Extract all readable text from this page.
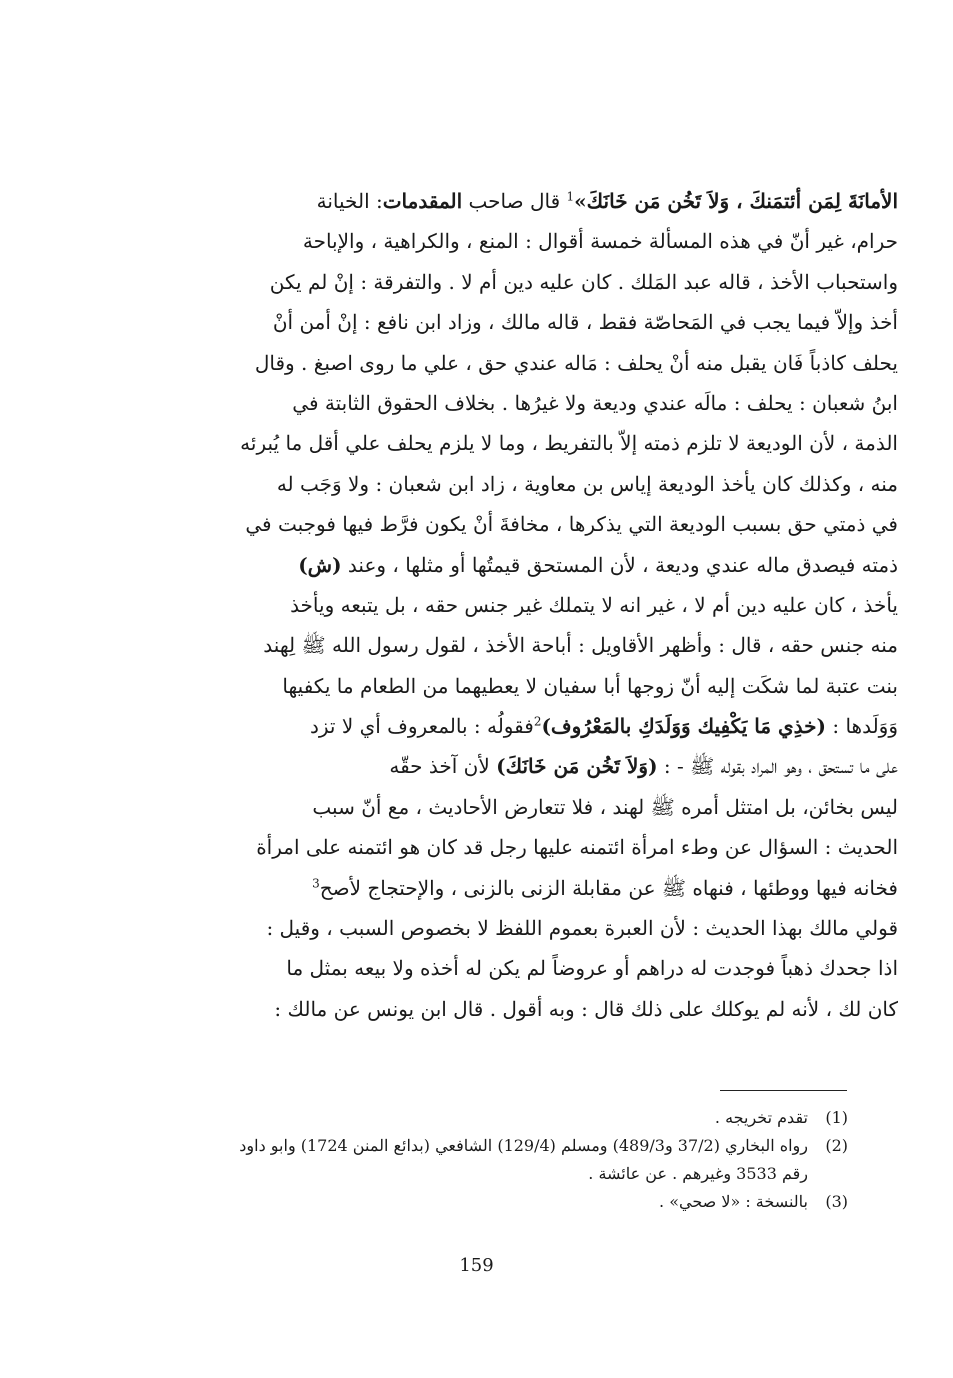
الأمانَةَ لِمَن أئتمَنكَ ، وَلاَ تَخُن مَن خَانَكَ»$^1$ قال صاحب المقدمات: الخيانة
حرام، غير أنّ في هذه المسألة خمسة أقوال : المنع ، والكراهية ، والإباحة
واستحباب الأخذ ، قاله عبد المَلك . كان عليه دين أم لا . والتفرقة : إنْ لم يكن
أخذ وإلاّ فيما يجب في المَحاصّة فقط ، قاله مالك ، وزاد ابن نافع : إنْ أمن أنْ
يحلف كاذباً فَان يقبل منه أنْ يحلف : مَاله عندي حق ، علي ما روى اصبغ . وقال
ابنُ شعبان : يحلف : مالَه عندي وديعة ولا غيرُها . بخلاف الحقوق الثابتة في
الذمة ، لأن الوديعة لا تلزم ذمته إلاّ بالتفريط ، وما لا يلزم يحلف علي أقل ما يُبرئه
منه ، وكذلك كان يأخذ الوديعة إياس بن معاوية ، زاد ابن شعبان : ولا وَجَب له
في ذمتي حق بسبب الوديعة التي يذكرها ، مخافةَ أنْ يكون فرَّط فيها فوجبت في
ذمته فيصدق ماله عندي وديعة ، لأن المستحق قيمتُها أو مثلها ، وعند (ش)
يأخذ ، كان عليه دين أم لا ، غير انه لا يتملك غير جنس حقه ، بل يتبعه ويأخذ
منه جنس حقه ، قال : وأظهر الأقاويل : أباحة الأخذ ، لقول رسول الله ﷺ لِهند
بنت عتبة لما شكَت إليه أنّ زوجها أبا سفيان لا يعطيهما من الطعام ما يكفيها
وَوَلَدها : (خذِي مَا يَكْفِيك وَوَلَدَكِ بالمَعْرُوف)$^2$فقولُه : بالمعروف أي لا تزد
على ما تستحق ، وهو المراد بقوله ﷺ - : (وَلاَ تَخُن مَن خَانَكَ) لأن آخذ حقّه
ليس بخائن، بل امتثل أمره ﷺ لهند ، فلا تتعارض الأحاديث ، مع أنّ سبب
الحديث : السؤال عن وطء امرأة ائتمنه عليها رجل قد كان هو ائتمنه على امرأة
فخانه فيها ووطئها ، فنهاه ﷺ عن مقابلة الزنى بالزنى ، والإحتجاج لأصح$^3$
قولي مالك بهذا الحديث : لأن العبرة بعموم اللفظ لا بخصوص السبب ، وقيل :
اذا جحدك ذهباً فوجدت له دراهم أو عروضاً لم يكن له أخذه ولا بيعه بمثل ما
كان لك ، لأنه لم يوكلك على ذلك قال : وبه أقول . قال ابن يونس عن مالك :
(1)
تقدم تخريجه .
(2)
رواه البخاري (37/2 و489/3) ومسلم (129/4) الشافعي (بدائع المنن 1724) وابو داود
رقم 3533 وغيرهم . عن عائشة .
(3)
بالنسخة : «لا صحي» .
159
